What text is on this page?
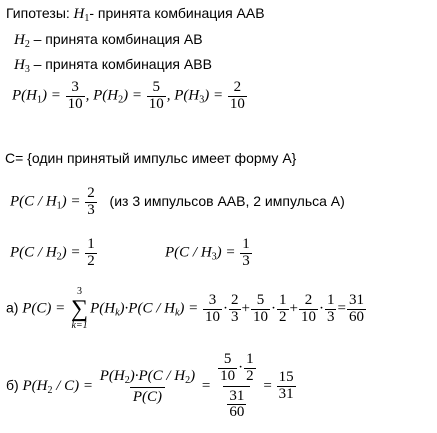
Гипотезы: $H_1-$ принята комбинация ААВ
$H_2$ – принята комбинация АВ
$H_3$ – принята комбинация АВВ
$P(H_1) = \frac{3}{10}$ , $P(H_2) = \frac{5}{10}$ , $P(H_3) = \frac{2}{10}$
С= {один принятый импульс имеет форму А}
$P(C / H_1) = \frac{2}{3} (из$ 3 импульсов ААВ, 2 импульса А)
$P(C / H_2) = \frac{1}{2}$	$P(C / H_3) = \frac{1}{3}$
а) P(C) =
3
∑
k=1
$P(H_k)\cdot P(C / H_k) = \frac{3}{10} \cdot \frac{2}{3} + \frac{5}{10} \cdot \frac{1}{2} + \frac{2}{10} \cdot \frac{1}{3} = \frac{31}{60}$
б) $P(H_2 / C) = \frac{P(H_2)\cdot P(C / H_2)}{P(C)} = \frac{\frac{5}{10} \cdot \frac{1}{2}}{\frac{31}{60}} = \frac{15}{31}$
